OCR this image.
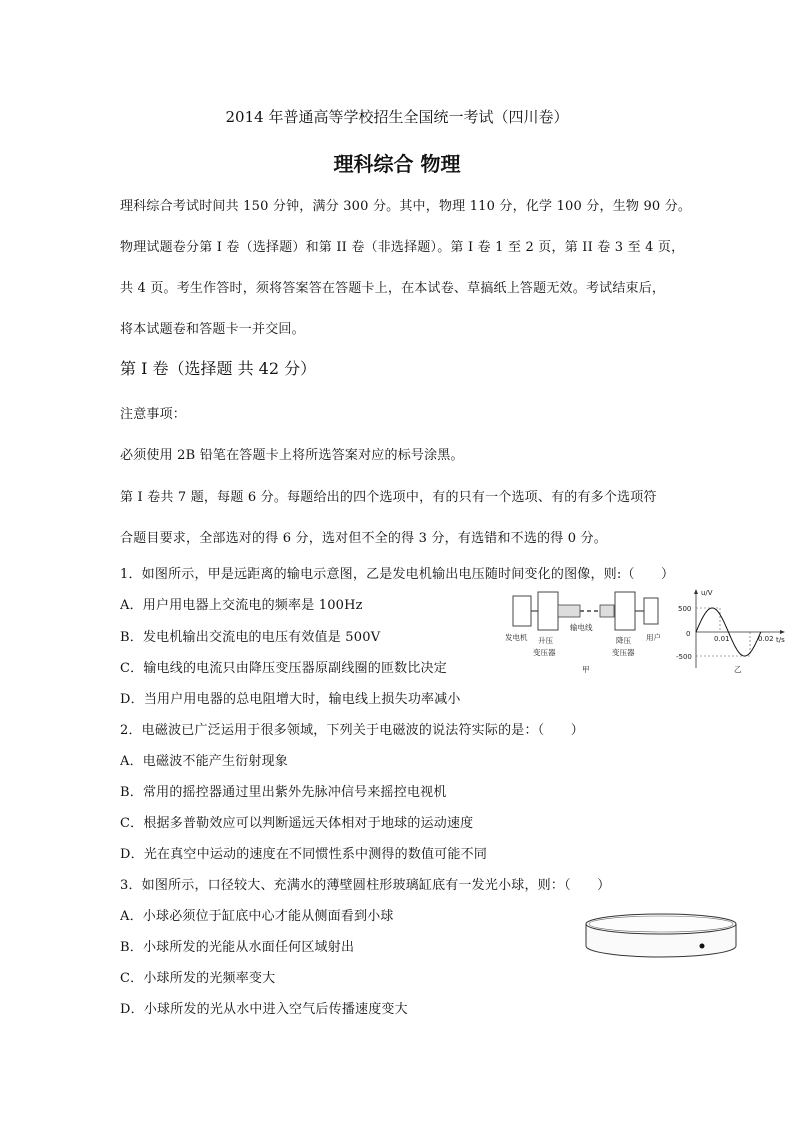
2014 年普通高等学校招生全国统一考试（四川卷）
理科综合 物理
理科综合考试时间共 150 分钟，满分 300 分。其中，物理 110 分，化学 100 分，生物 90 分。
物理试题卷分第 I 卷（选择题）和第 II 卷（非选择题）。第 I 卷 1 至 2 页，第 II 卷 3 至 4 页，
共 4 页。考生作答时，须将答案答在答题卡上，在本试卷、草搞纸上答题无效。考试结束后，
将本试题卷和答题卡一并交回。
第 I 卷（选择题 共 42 分）
注意事项：
必须使用 2B 铅笔在答题卡上将所选答案对应的标号涂黑。
第 I 卷共 7 题，每题 6 分。每题给出的四个选项中，有的只有一个选项、有的有多个选项符
合题目要求，全部选对的得 6 分，选对但不全的得 3 分，有选错和不选的得 0 分。
1．如图所示，甲是远距离的输电示意图，乙是发电机输出电压随时间变化的图像，则:（　　）
A．用户用电器上交流电的频率是 100Hz
B．发电机输出交流电的电压有效值是 500V
C．输电线的电流只由降压变压器原副线圈的匝数比决定
D．当用户用电器的总电阻增大时，输电线上损失功率减小
2．电磁波已广泛运用于很多领域，下列关于电磁波的说法符实际的是：（　　）
A．电磁波不能产生衍射现象
B．常用的摇控器通过里出紫外先脉冲信号来摇控电视机
C．根据多普勒效应可以判断遥远天体相对于地球的运动速度
D．光在真空中运动的速度在不同惯性系中测得的数值可能不同
3．如图所示，口径较大、充满水的薄壁圆柱形玻璃缸底有一发光小球，则：（　　）
A．小球必须位于缸底中心才能从侧面看到小球
B．小球所发的光能从水面任何区域射出
C．小球所发的光频率变大
D．小球所发的光从水中进入空气后传播速度变大
发电机 升压
变压器
输电线
降压
变压器
用户
甲
u/V
t/s
500
0
-500
0.01	0.02
乙
